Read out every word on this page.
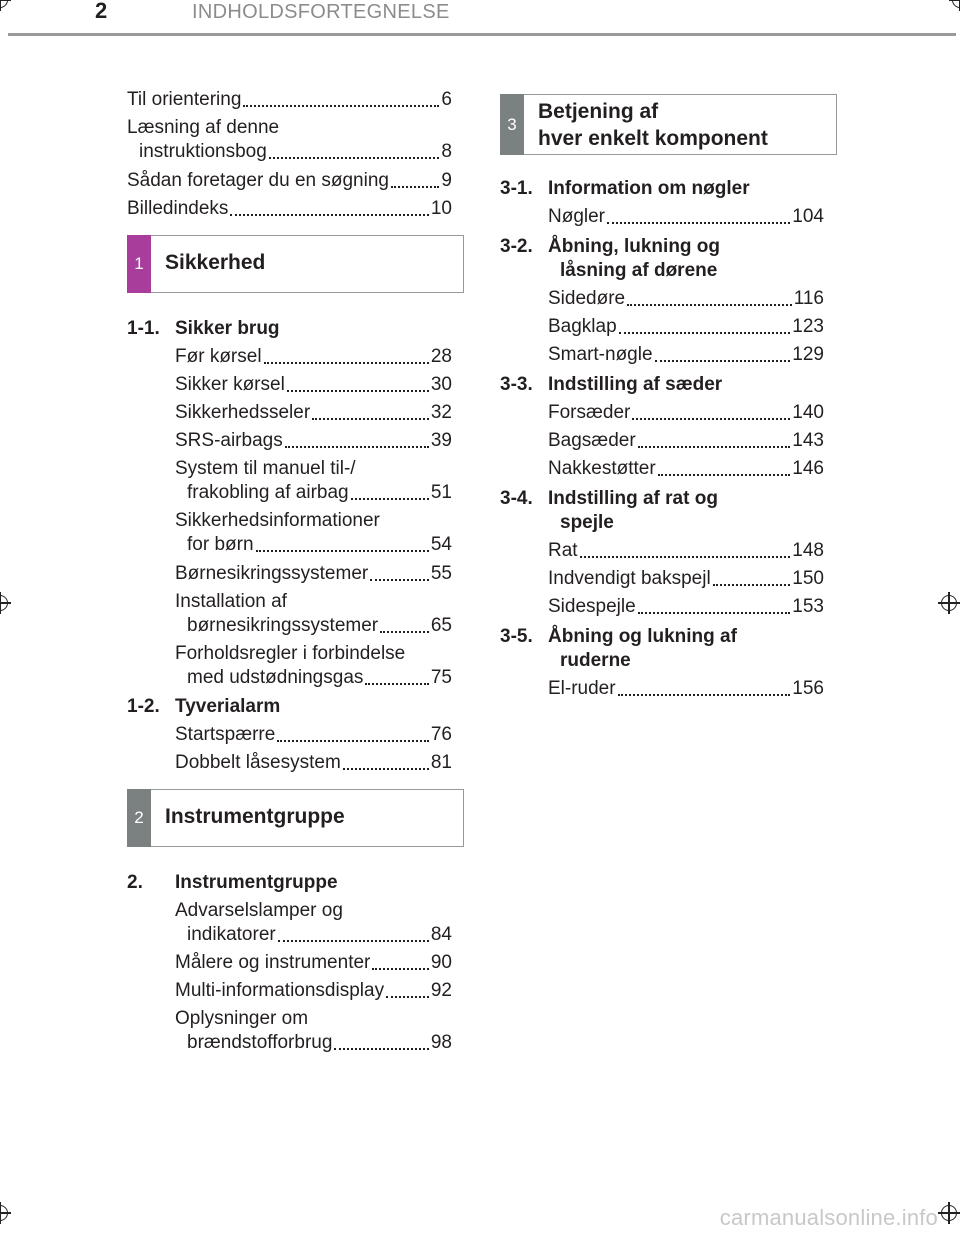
2	INDHOLDSFORTEGNELSE
Til orientering	6
Læsning af denne
instruktionsbog	8
Sådan foretager du en søgning	9
Billedindeks	10
1	Sikkerhed
1-1. Sikker brug
Før kørsel	28
Sikker kørsel	30
Sikkerhedsseler	32
SRS-airbags	39
System til manuel til-/
frakobling af airbag	51
Sikkerhedsinformationer
for børn	54
Børnesikringssystemer	55
Installation af
børnesikringssystemer	65
Forholdsregler i forbindelse
med udstødningsgas	75
1-2. Tyverialarm
Startspærre	76
Dobbelt låsesystem	81
2	Instrumentgruppe
2.	Instrumentgruppe
Advarselslamper og
indikatorer	84
Målere og instrumenter	90
Multi-informationsdisplay 92
Oplysninger om
brændstofforbrug	98
3
Betjening af
hver enkelt komponent
3-1. Information om nøgler
Nøgler	104
3-2. Åbning, lukning og
låsning af dørene
Sidedøre	116
Bagklap	123
Smart-nøgle	129
3-3. Indstilling af sæder
Forsæder	140
Bagsæder	143
Nakkestøtter	146
3-4. Indstilling af rat og
spejle
Rat	148
Indvendigt bakspejl	150
Sidespejle	153
3-5. Åbning og lukning af
ruderne
El-ruder	156
carmanualsonline.info
